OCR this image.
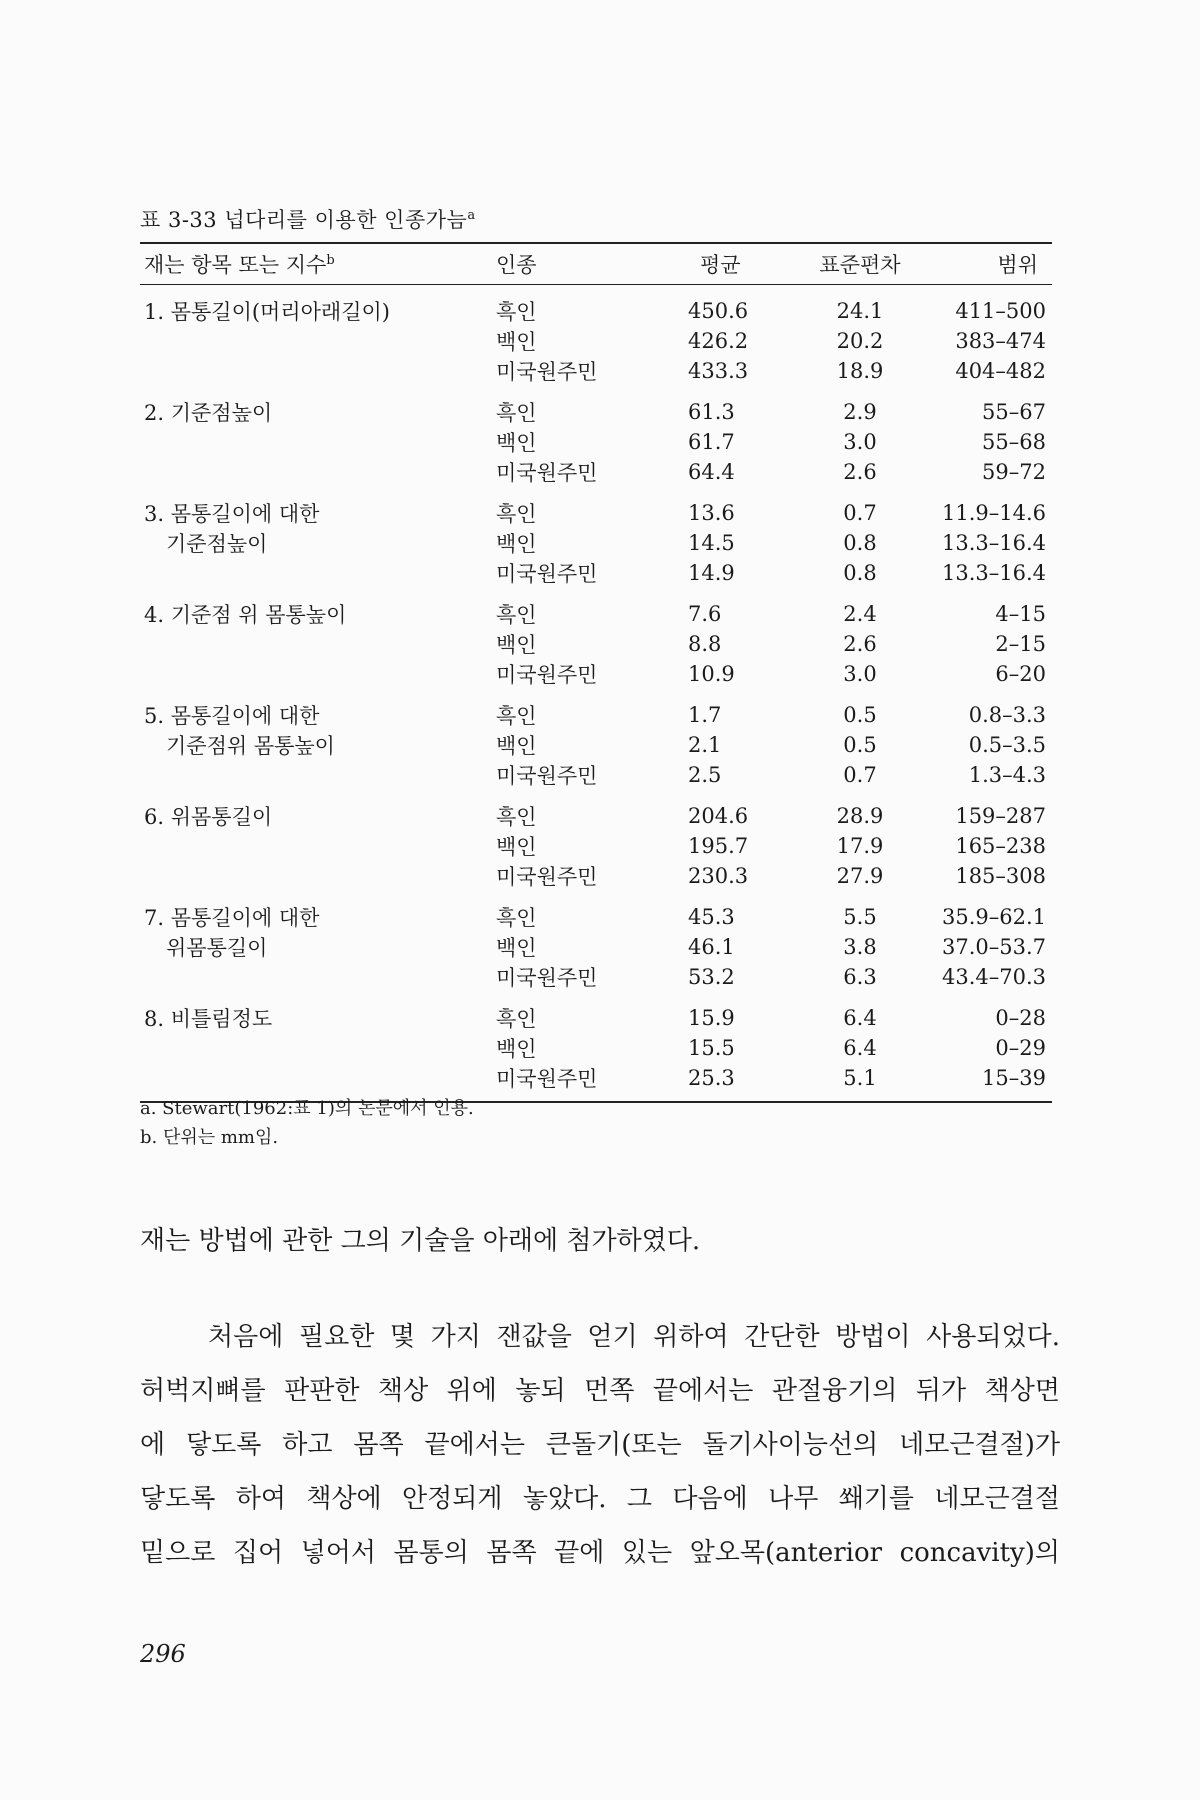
표 3-33 넙다리를 이용한 인종가늠$^a$
재는 항목 또는 지수$^b$	인종	평균	표준편차	범위
1. 몸통길이(머리아래길이)	흑인	450.6	24.1	411–500
	백인	426.2	20.2	383–474
	미국원주민	433.3	18.9	404–482
2. 기준점높이	흑인	61.3	2.9	55–67
	백인	61.7	3.0	55–68
	미국원주민	64.4	2.6	59–72
3. 몸통길이에 대한	흑인	13.6	0.7	11.9–14.6
기준점높이	백인	14.5	0.8	13.3–16.4
	미국원주민	14.9	0.8	13.3–16.4
4. 기준점 위 몸통높이	흑인	7.6	2.4	4–15
	백인	8.8	2.6	2–15
	미국원주민	10.9	3.0	6–20
5. 몸통길이에 대한	흑인	1.7	0.5	0.8–3.3
기준점위 몸통높이	백인	2.1	0.5	0.5–3.5
	미국원주민	2.5	0.7	1.3–4.3
6. 위몸통길이	흑인	204.6	28.9	159–287
	백인	195.7	17.9	165–238
	미국원주민	230.3	27.9	185–308
7. 몸통길이에 대한	흑인	45.3	5.5	35.9–62.1
위몸통길이	백인	46.1	3.8	37.0–53.7
	미국원주민	53.2	6.3	43.4–70.3
8. 비틀림정도	흑인	15.9	6.4	0–28
	백인	15.5	6.4	0–29
	미국원주민	25.3	5.1	15–39
a. Stewart(1962:표 1)의 논문에서 인용.
b. 단위는 mm임.
재는 방법에 관한 그의 기술을 아래에 첨가하였다.
처음에 필요한 몇 가지 잰값을 얻기 위하여 간단한 방법이 사용되었다.
허벅지뼈를 판판한 책상 위에 놓되 먼쪽 끝에서는 관절융기의 뒤가 책상면
에 닿도록 하고 몸쪽 끝에서는 큰돌기(또는 돌기사이능선의 네모근결절)가
닿도록 하여 책상에 안정되게 놓았다. 그 다음에 나무 쐐기를 네모근결절
밑으로 집어 넣어서 몸통의 몸쪽 끝에 있는 앞오목(anterior concavity)의
296
